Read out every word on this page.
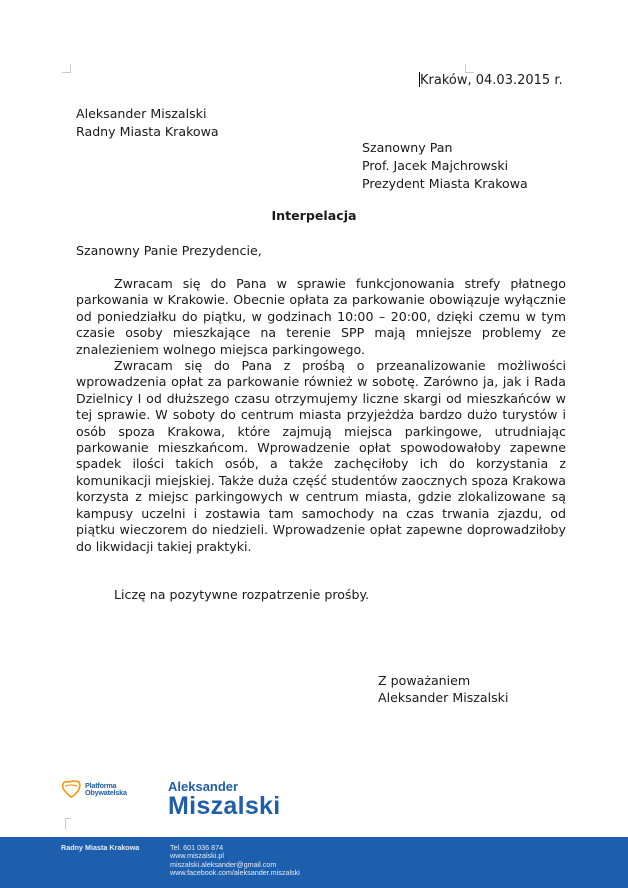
Kraków, 04.03.2015 r.
Aleksander Miszalski
Radny Miasta Krakowa
Szanowny Pan
Prof. Jacek Majchrowski
Prezydent Miasta Krakowa
Interpelacja
Szanowny Panie Prezydencie,

Zwracam się do Pana w sprawie funkcjonowania strefy płatnego parkowania w Krakowie. Obecnie opłata za parkowanie obowiązuje wyłącznie od poniedziałku do piątku, w godzinach 10:00 – 20:00, dzięki czemu w tym czasie osoby mieszkające na terenie SPP mają mniejsze problemy ze znalezieniem wolnego miejsca parkingowego.

Zwracam się do Pana z prośbą o przeanalizowanie możliwości wprowadzenia opłat za parkowanie również w sobotę. Zarówno ja, jak i Rada Dzielnicy I od dłuższego czasu otrzymujemy liczne skargi od mieszkańców w tej sprawie. W soboty do centrum miasta przyjeżdża bardzo dużo turystów i osób spoza Krakowa, które zajmują miejsca parkingowe, utrudniając parkowanie mieszkańcom. Wprowadzenie opłat spowodowałoby zapewne spadek ilości takich osób, a także zachęciłoby ich do korzystania z komunikacji miejskiej. Także duża część studentów zaocznych spoza Krakowa korzysta z miejsc parkingowych w centrum miasta, gdzie zlokalizowane są kampusy uczelni i zostawia tam samochody na czas trwania zjazdu, od piątku wieczorem do niedzieli. Wprowadzenie opłat zapewne doprowadziłoby do likwidacji takiej praktyki.

Liczę na pozytywne rozpatrzenie prośby.
Z poważaniem
Aleksander Miszalski
Platforma
Obywatelska	Aleksander
Miszalski
Radny Miasta Krakowa	Tel. 601 036 874
www.miszalski.pl
miszalski.aleksander@gmail.com
www.facebook.com/aleksander.miszalski
